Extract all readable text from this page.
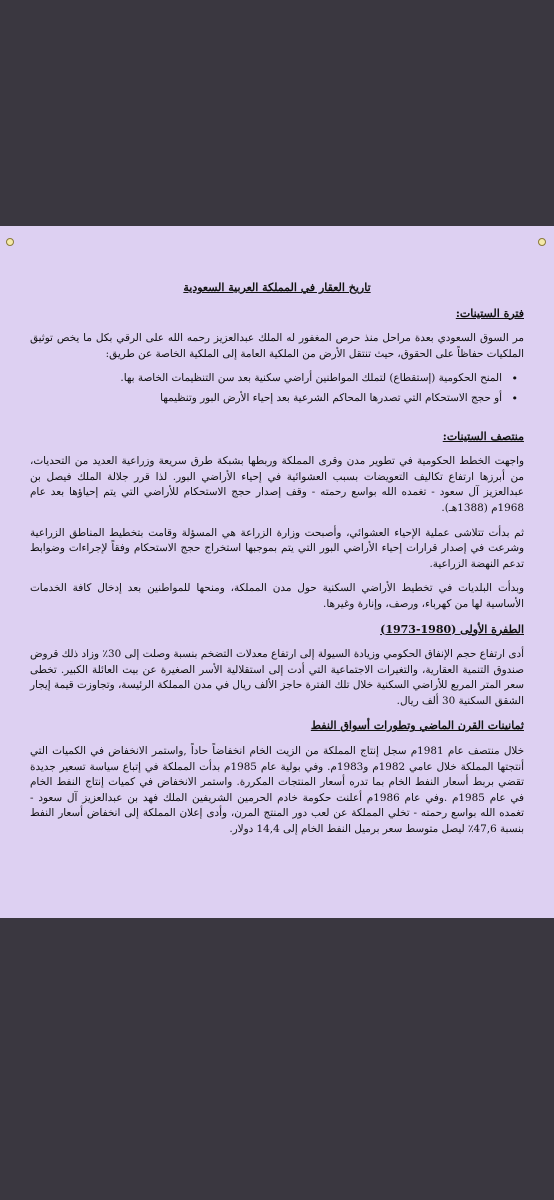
تاريخ العقار في المملكة العربية السعودية
فترة الستينات:

مر السوق السعودي بعدة مراحل منذ حرص المغفور له الملك عبدالعزيز رحمه الله على الرقي بكل ما يخص توثيق الملكيات حفاظاً على الحقوق، حيث تنتقل الأرض من الملكية العامة إلى الملكية الخاصة عن طريق:

• المنح الحكومية (إستقطاع) لتملك المواطنين أراضي سكنية بعد سن التنظيمات الخاصة بها.
• أو حجج الاستحكام التي تصدرها المحاكم الشرعية بعد إحياء الأرض البور وتنظيمها
منتصف الستينات:

واجهت الخطط الحكومية في تطوير مدن وقرى المملكة وربطها بشبكة طرق سريعة وزراعية العديد من التحديات، من أبرزها ارتفاع تكاليف التعويضات بسبب العشوائية في إحياء الأراضي البور. لذا قرر جلالة الملك فيصل بن عبدالعزيز آل سعود - تغمده الله بواسع رحمته - وقف إصدار حجج الاستحكام للأراضي التي يتم إحياؤها بعد عام 1968م (1388هـ).

ثم بدأت تتلاشى عملية الإحياء العشوائي، وأصبحت وزارة الزراعة هي المسؤلة وقامت بتخطيط المناطق الزراعية وشرعت في إصدار قرارات إحياء الأراضي البور التي يتم بموجبها استخراج حجج الاستحكام وفقاً لإجراءات وضوابط تدعم النهضة الزراعية.

وبدأت البلديات في تخطيط الأراضي السكنية حول مدن المملكة، ومنحها للمواطنين بعد إدخال كافة الخدمات الأساسية لها من كهرباء، ورصف، وإنارة وغيرها.

الطفرة الأولى (1980-1973)

أدى ارتفاع حجم الإنفاق الحكومي وزيادة السيولة إلى ارتفاع معدلات التضخم بنسبة وصلت إلى 30٪ وزاد ذلك قروض صندوق التنمية العقارية، والتغيرات الاجتماعية التي أدت إلى استقلالية الأسر الصغيرة عن بيت العائلة الكبير. تخطى سعر المتر المربع للأراضي السكنية خلال تلك الفترة حاجز الألف ريال في مدن المملكة الرئيسة، وتجاوزت قيمة إيجار الشقق السكنية 30 ألف ريال.

ثمانينات القرن الماضي وتطورات أسواق النفط

خلال منتصف عام 1981م سجل إنتاج المملكة من الزيت الخام انخفاضاً حاداً ,واستمر الانخفاض في الكميات التي أنتجتها المملكة خلال عامي 1982م و1983م. وفي بولية عام 1985م بدأت المملكة في إتباع سياسة تسعير جديدة تقضي بربط أسعار النفط الخام بما تدره أسعار المنتجات المكررة. واستمر الانخفاض في كميات إنتاج النفط الخام في عام 1985م .وفي عام 1986م أعلنت حكومة خادم الحرمين الشريفين الملك فهد بن عبدالعزيز آل سعود - تغمده الله بواسع رحمته - تخلي المملكة عن لعب دور المنتج المرن، وأدى إعلان المملكة إلى انخفاض أسعار النفط بنسبة 47,6٪ ليصل متوسط سعر برميل النفط الخام إلى 14,4 دولار.
